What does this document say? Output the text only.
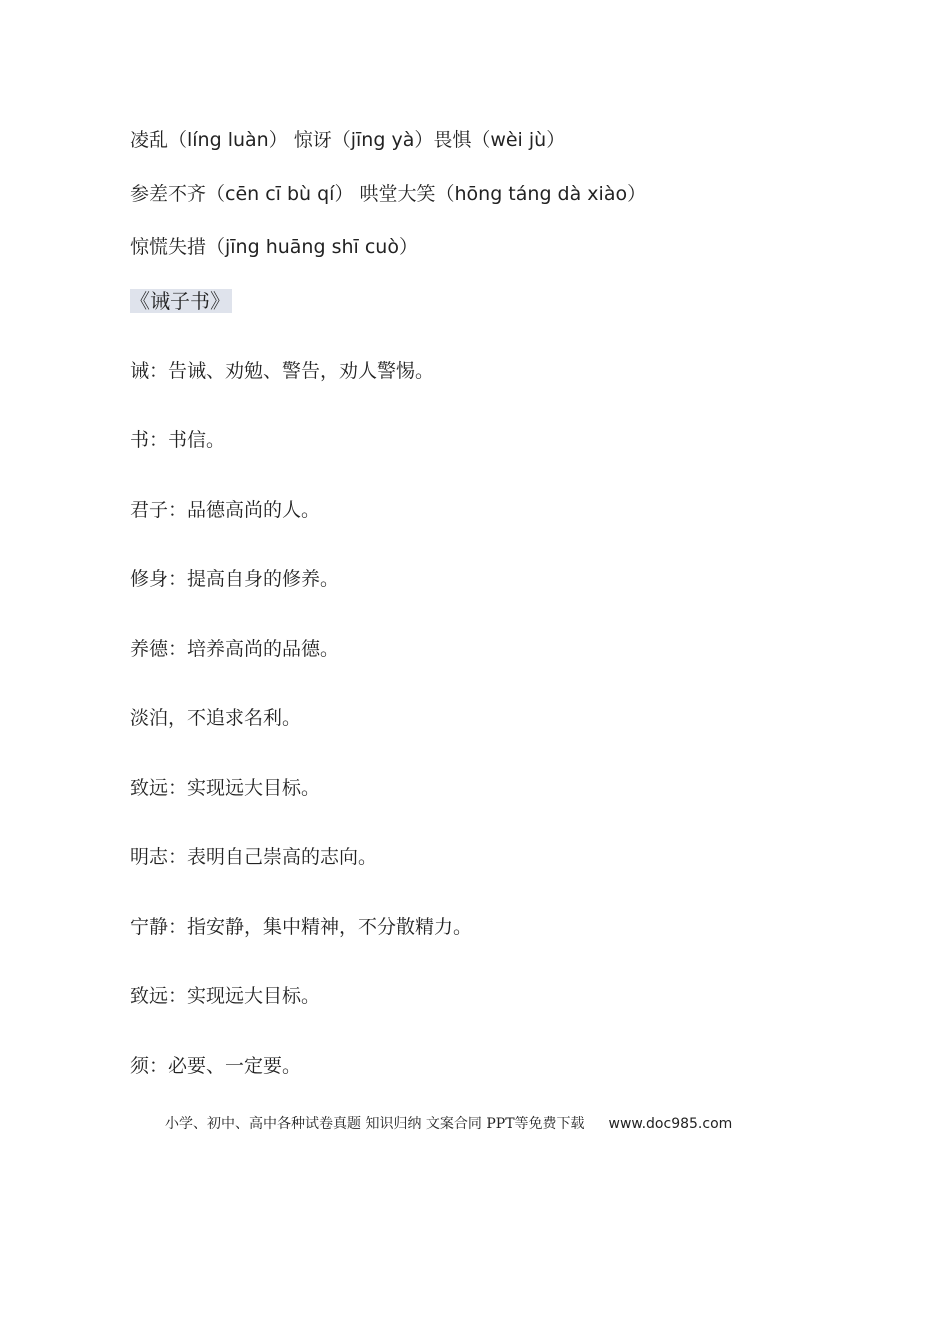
凌乱（líng luàn） 惊讶（jīng yà）畏惧（wèi jù）
参差不齐（cēn cī bù qí） 哄堂大笑（hōng táng dà xiào）
惊慌失措（jīng huāng shī cuò）
《诫子书》
诫：告诫、劝勉、警告，劝人警惕。
书：书信。
君子：品德高尚的人。
修身：提高自身的修养。
养德：培养高尚的品德。
淡泊，不追求名利。
致远：实现远大目标。
明志：表明自己崇高的志向。
宁静：指安静，集中精神，不分散精力。
致远：实现远大目标。
须：必要、一定要。
小学、初中、高中各种试卷真题 知识归纳 文案合同 PPT等免费下载 www.doc985.com
